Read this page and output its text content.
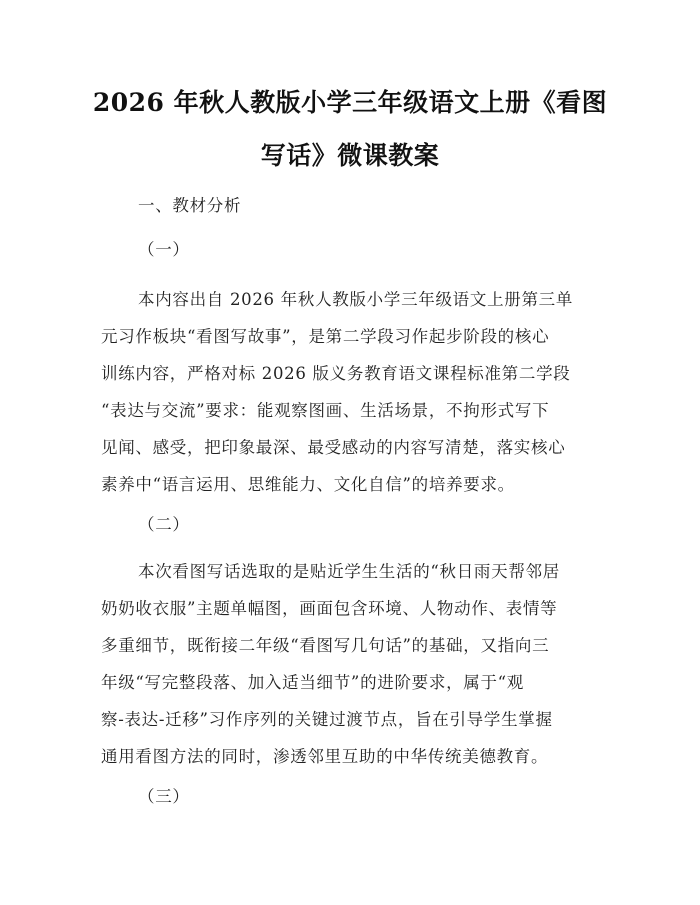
2026 年秋人教版小学三年级语文上册《看图
写话》微课教案
一、教材分析
（一）
本内容出自 2026 年秋人教版小学三年级语文上册第三单
元习作板块“看图写故事”，是第二学段习作起步阶段的核心
训练内容，严格对标 2026 版义务教育语文课程标准第二学段
“表达与交流”要求：能观察图画、生活场景，不拘形式写下
见闻、感受，把印象最深、最受感动的内容写清楚，落实核心
素养中“语言运用、思维能力、文化自信”的培养要求。
（二）
本次看图写话选取的是贴近学生生活的“秋日雨天帮邻居
奶奶收衣服”主题单幅图，画面包含环境、人物动作、表情等
多重细节，既衔接二年级“看图写几句话”的基础，又指向三
年级“写完整段落、加入适当细节”的进阶要求，属于“观
察-表达-迁移”习作序列的关键过渡节点，旨在引导学生掌握
通用看图方法的同时，渗透邻里互助的中华传统美德教育。
（三）
